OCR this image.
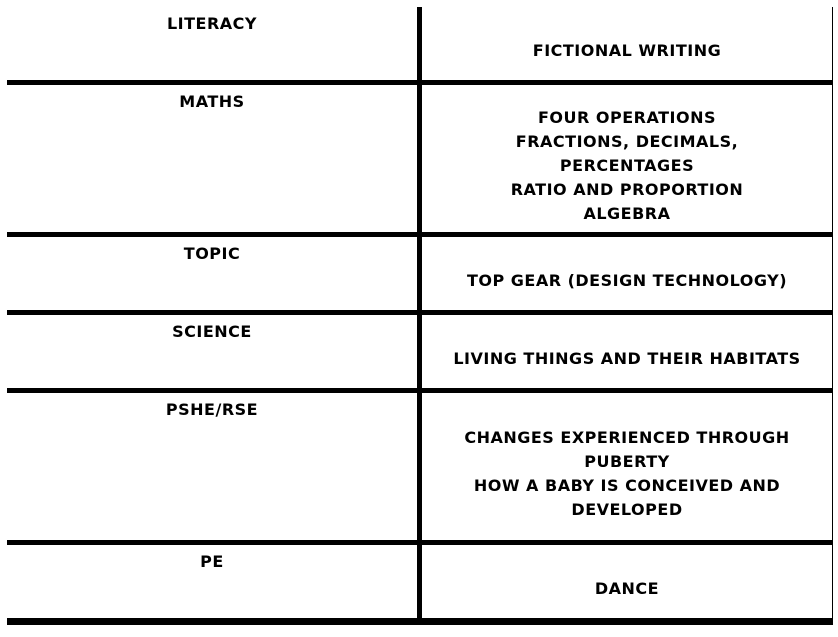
LITERACY
FICTIONAL WRITING
MATHS
FOUR OPERATIONS
FRACTIONS, DECIMALS, PERCENTAGES
RATIO AND PROPORTION
ALGEBRA
TOPIC
TOP GEAR (DESIGN TECHNOLOGY)
SCIENCE
LIVING THINGS AND THEIR HABITATS
PSHE/RSE
CHANGES EXPERIENCED THROUGH PUBERTY
HOW A BABY IS CONCEIVED AND DEVELOPED
PE
DANCE
